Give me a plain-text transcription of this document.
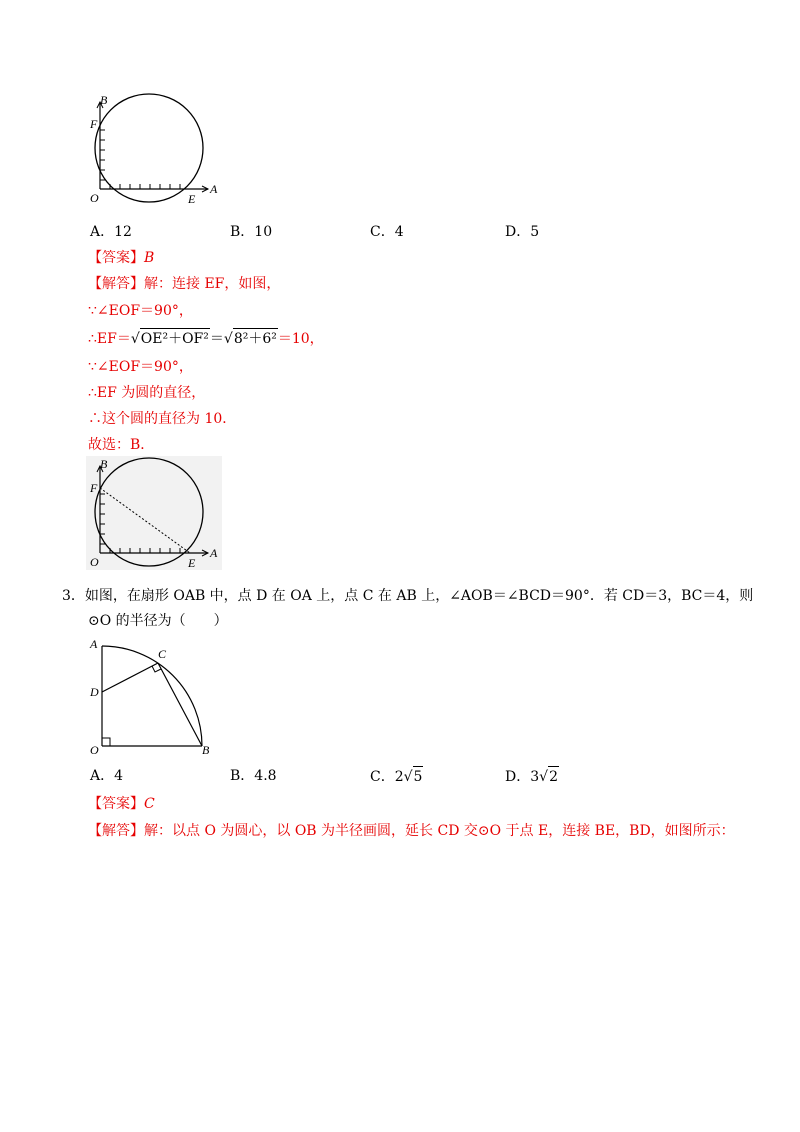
B
F
O	E
A
A．12	B．10	C．4	D．5
【答案】B
【解答】解：连接 EF，如图，
∵∠EOF＝90°，
∴EF＝√OE²＋OF²＝√8²＋6²＝10，
∵∠EOF＝90°，
∴EF 为圆的直径，
∴这个圆的直径为 10．
故选：B．
B
F
O	E
A
3．如图，在扇形 OAB 中，点 D 在 OA 上，点 C 在 AB 上，∠AOB＝∠BCD＝90°．若 CD＝3，BC＝4，则
⊙O 的半径为（　　）
A
C
D
O	B
A．4	B．4.8	C．2√5	D．3√2
【答案】C
【解答】解：以点 O 为圆心，以 OB 为半径画圆，延长 CD 交⊙O 于点 E，连接 BE，BD，如图所示：
